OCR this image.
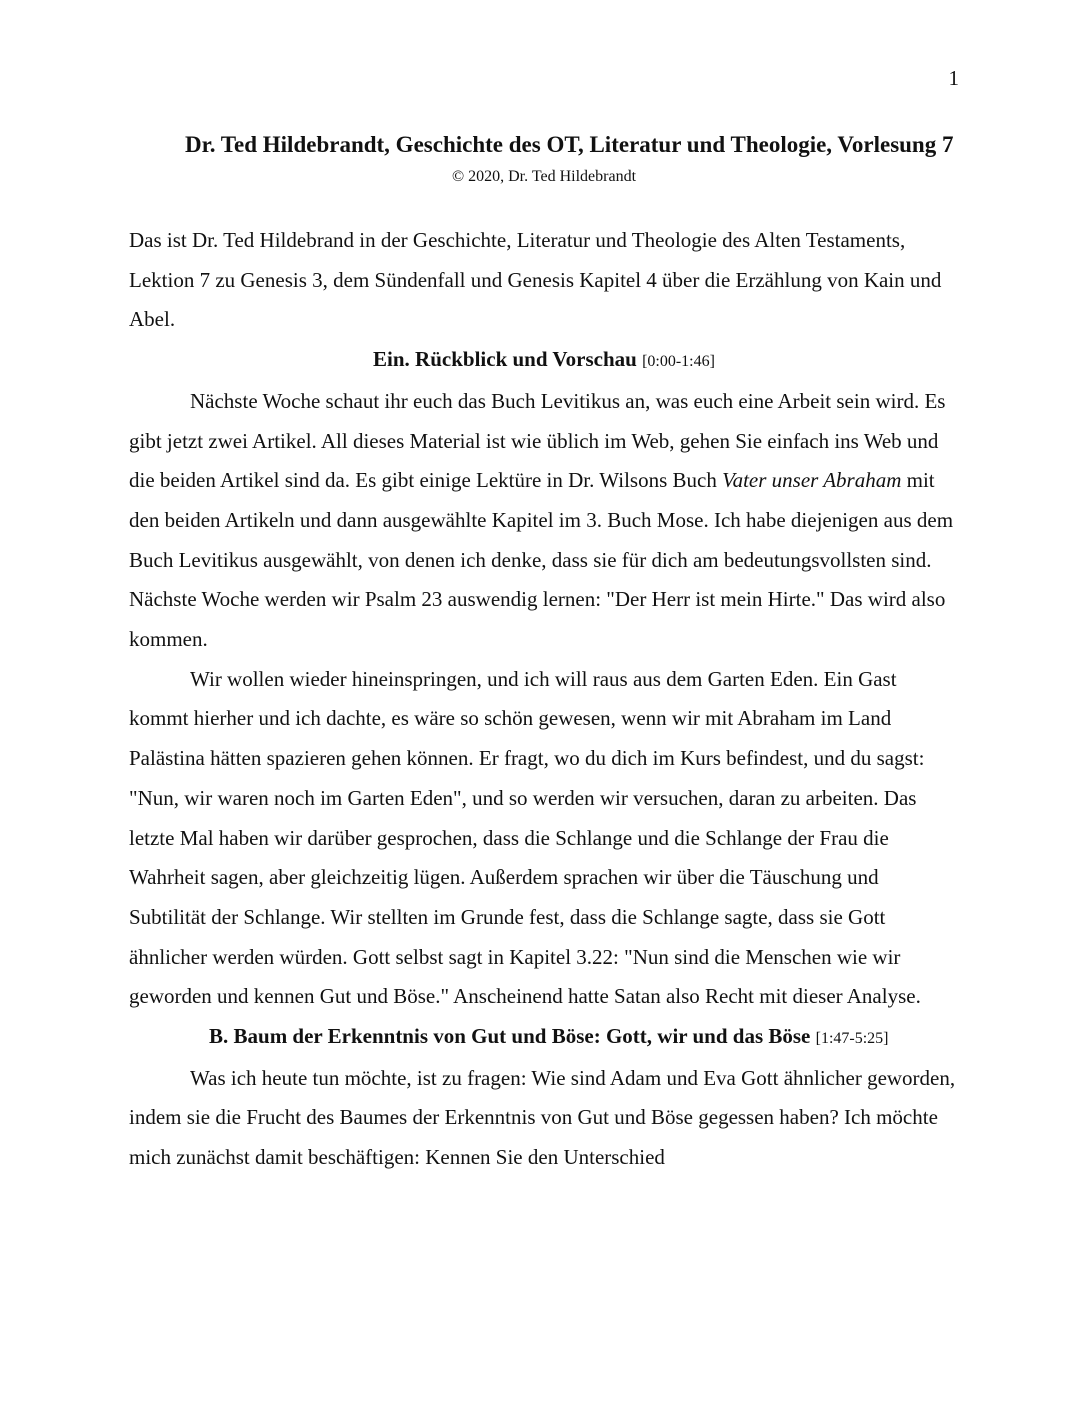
1
Dr. Ted Hildebrandt, Geschichte des OT, Literatur und Theologie, Vorlesung 7
© 2020, Dr. Ted Hildebrandt

Das ist Dr. Ted Hildebrand in der Geschichte, Literatur und Theologie des Alten Testaments, Lektion 7 zu Genesis 3, dem Sündenfall und Genesis Kapitel 4 über die Erzählung von Kain und Abel.

Ein. Rückblick und Vorschau [0:00-1:46]

Nächste Woche schaut ihr euch das Buch Levitikus an, was euch eine Arbeit sein wird. Es gibt jetzt zwei Artikel. All dieses Material ist wie üblich im Web, gehen Sie einfach ins Web und die beiden Artikel sind da. Es gibt einige Lektüre in Dr. Wilsons Buch Vater unser Abraham mit den beiden Artikeln und dann ausgewählte Kapitel im 3. Buch Mose. Ich habe diejenigen aus dem Buch Levitikus ausgewählt, von denen ich denke, dass sie für dich am bedeutungsvollsten sind. Nächste Woche werden wir Psalm 23 auswendig lernen: "Der Herr ist mein Hirte." Das wird also kommen.

Wir wollen wieder hineinspringen, und ich will raus aus dem Garten Eden. Ein Gast kommt hierher und ich dachte, es wäre so schön gewesen, wenn wir mit Abraham im Land Palästina hätten spazieren gehen können. Er fragt, wo du dich im Kurs befindest, und du sagst: "Nun, wir waren noch im Garten Eden", und so werden wir versuchen, daran zu arbeiten. Das letzte Mal haben wir darüber gesprochen, dass die Schlange und die Schlange der Frau die Wahrheit sagen, aber gleichzeitig lügen. Außerdem sprachen wir über die Täuschung und Subtilität der Schlange. Wir stellten im Grunde fest, dass die Schlange sagte, dass sie Gott ähnlicher werden würden. Gott selbst sagt in Kapitel 3.22: "Nun sind die Menschen wie wir geworden und kennen Gut und Böse." Anscheinend hatte Satan also Recht mit dieser Analyse.

B. Baum der Erkenntnis von Gut und Böse: Gott, wir und das Böse [1:47-5:25]

Was ich heute tun möchte, ist zu fragen: Wie sind Adam und Eva Gott ähnlicher geworden, indem sie die Frucht des Baumes der Erkenntnis von Gut und Böse gegessen haben? Ich möchte mich zunächst damit beschäftigen: Kennen Sie den Unterschied
